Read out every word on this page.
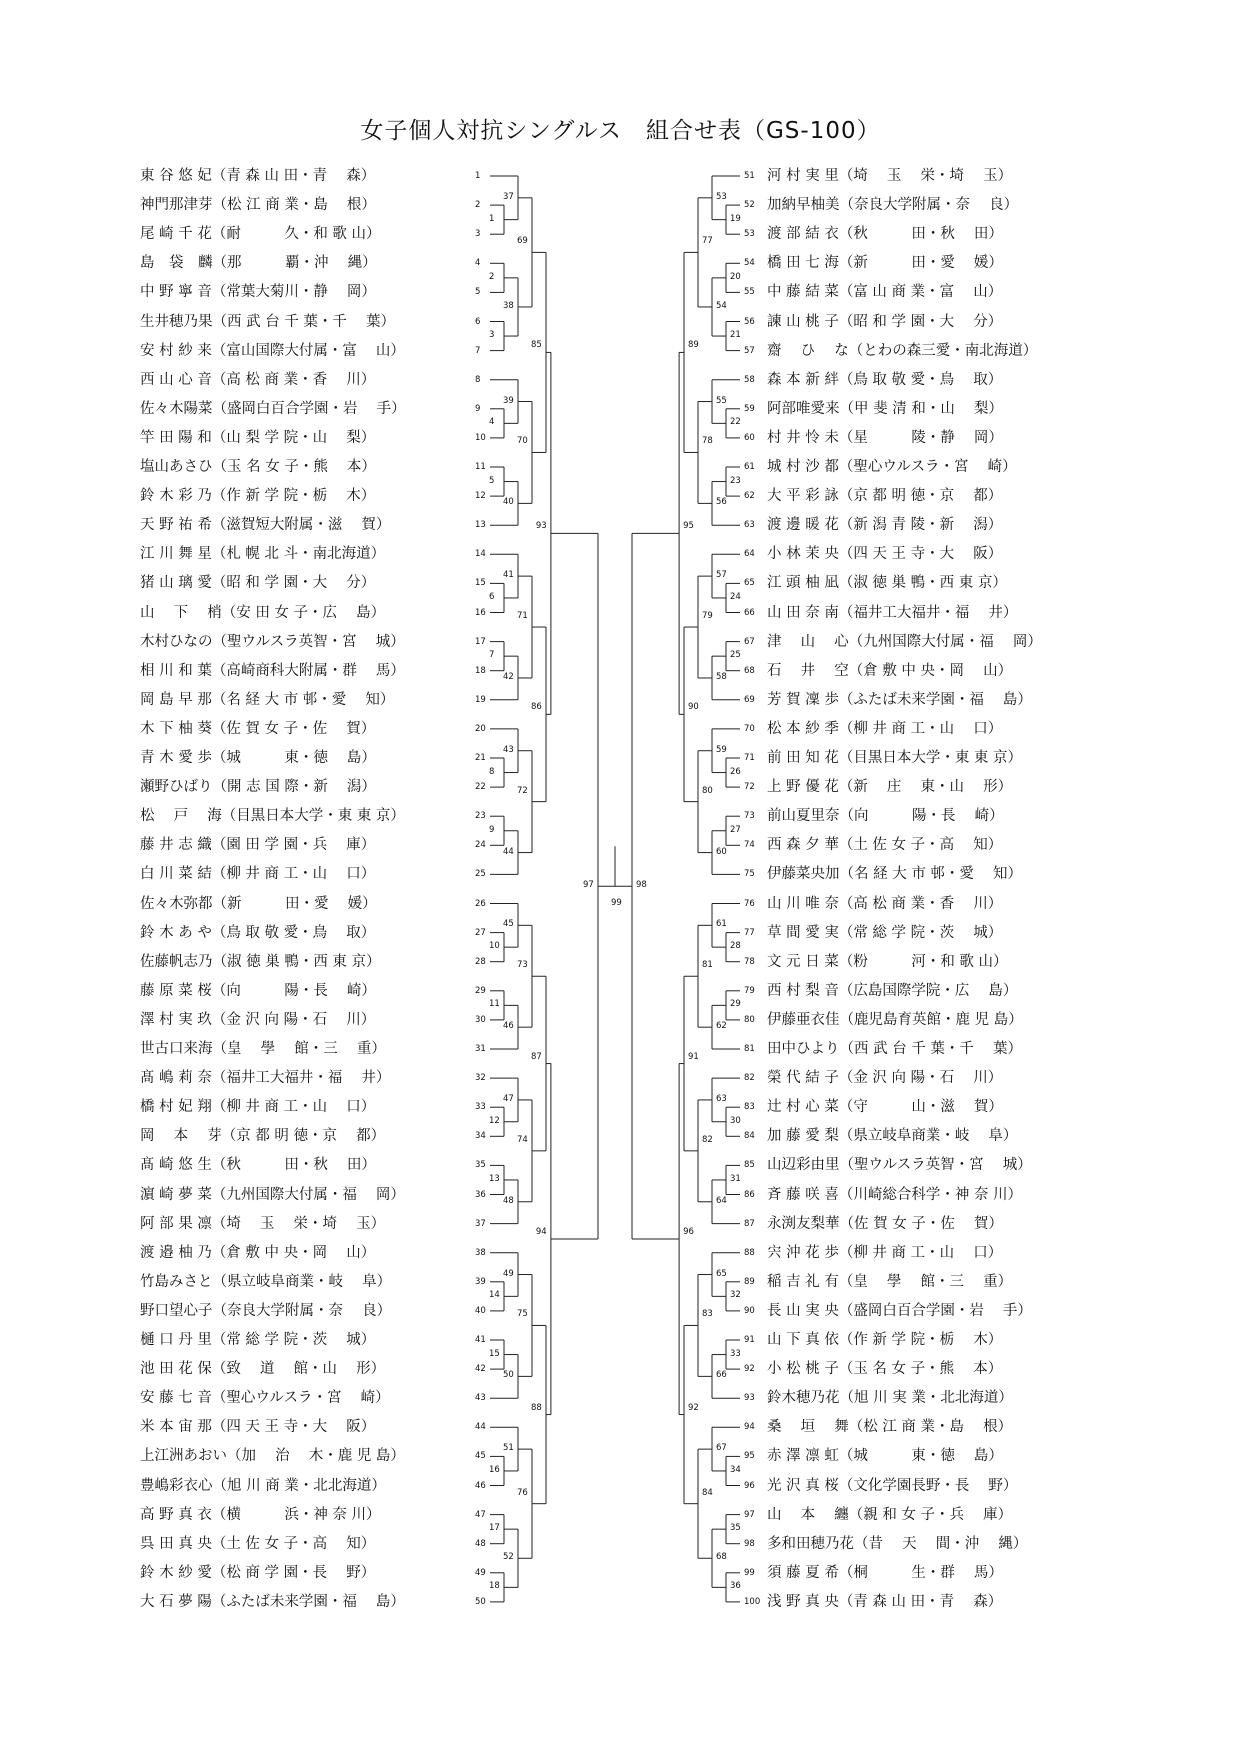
女子個人対抗シングルス　組合せ表（GS-100）
東 谷 悠 妃（青 森 山 田・青　 森）	1
神門那津芽（松 江 商 業・島　 根）	2
尾 崎 千 花（耐　　　久・和 歌 山）	3
島　袋　麟（那　　　覇・沖　 縄）	4
中 野 寧 音（常葉大菊川・静　 岡）	5
生井穂乃果（西 武 台 千 葉・千　 葉）	6
安 村 紗 来（富山国際大付属・富　 山）	7
西 山 心 音（高 松 商 業・香　 川）	8
佐々木陽菜（盛岡白百合学園・岩　 手）	9
竿 田 陽 和（山 梨 学 院・山　 梨）	10
塩山あさひ（玉 名 女 子・熊　 本）	11
鈴 木 彩 乃（作 新 学 院・栃　 木）	12
天 野 祐 希（滋賀短大附属・滋　 賀）	13
江 川 舞 星（札 幌 北 斗・南北海道）	14
猪 山 璃 愛（昭 和 学 園・大　 分）	15
山　 下　 梢（安 田 女 子・広　 島）	16
木村ひなの（聖ウルスラ英智・宮　 城）	17
相 川 和 葉（高崎商科大附属・群　 馬）	18
岡 島 早 那（名 経 大 市 邨・愛　 知）	19
木 下 柚 葵（佐 賀 女 子・佐　 賀）	20
青 木 愛 歩（城　　　東・徳　 島）	21
瀬野ひばり（開 志 国 際・新　 潟）	22
松　 戸　 海（目黒日本大学・東 東 京）	23
藤 井 志 織（園 田 学 園・兵　 庫）	24
白 川 菜 結（柳 井 商 工・山　 口）	25
佐々木弥都（新　　　田・愛　 媛）	26
鈴 木 あ や（鳥 取 敬 愛・鳥　 取）	27
佐藤帆志乃（淑 徳 巣 鴨・西 東 京）	28
藤 原 菜 桜（向　　　陽・長　 崎）	29
澤 村 実 玖（金 沢 向 陽・石　 川）	30
世古口来海（皇　 學　 館・三　 重）	31
髙 嶋 莉 奈（福井工大福井・福　 井）	32
橋 村 妃 翔（柳 井 商 工・山　 口）	33
岡　 本　 芽（京 都 明 徳・京　 都）	34
髙 崎 悠 生（秋　　　田・秋　 田）	35
濵 崎 夢 菜（九州国際大付属・福　 岡）	36
阿 部 果 凛（埼　 玉　 栄・埼　 玉）	37
渡 邉 柚 乃（倉 敷 中 央・岡　 山）	38
竹島みさと（県立岐阜商業・岐　 阜）	39
野口望心子（奈良大学附属・奈　 良）	40
樋 口 丹 里（常 総 学 院・茨　 城）	41
池 田 花 保（致　 道　 館・山　 形）	42
安 藤 七 音（聖心ウルスラ・宮　 崎）	43
米 本 宙 那（四 天 王 寺・大　 阪）	44
上江洲あおい（加　 治　 木・鹿 児 島）	45
豊嶋彩衣心（旭 川 商 業・北北海道）	46
高 野 真 衣（横　　　浜・神 奈 川）	47
呉 田 真 央（土 佐 女 子・高　 知）	48
鈴 木 紗 愛（松 商 学 園・長　 野）	49
大 石 夢 陽（ふたば未来学園・福　 島）	50
51 河 村 実 里（埼　 玉　 栄・埼　 玉）
52 加納早柚美（奈良大学附属・奈　 良）
53 渡 部 結 衣（秋　　　田・秋　 田）
54 橋 田 七 海（新　　　田・愛　 媛）
55 中 藤 結 菜（富 山 商 業・富　 山）
56 諫 山 桃 子（昭 和 学 園・大　 分）
57 齋　 ひ　 な（とわの森三愛・南北海道）
58 森 本 新 絆（鳥 取 敬 愛・鳥　 取）
59 阿部唯愛来（甲 斐 清 和・山　 梨）
60 村 井 怜 未（星　　　陵・静　 岡）
61 城 村 沙 都（聖心ウルスラ・宮　 崎）
62 大 平 彩 詠（京 都 明 徳・京　 都）
63 渡 邊 暖 花（新 潟 青 陵・新　 潟）
64 小 林 茉 央（四 天 王 寺・大　 阪）
65 江 頭 柚 凪（淑 徳 巣 鴨・西 東 京）
66 山 田 奈 南（福井工大福井・福　 井）
67 津　 山　 心（九州国際大付属・福　 岡）
68 石　 井　 空（倉 敷 中 央・岡　 山）
69 芳 賀 凜 歩（ふたば未来学園・福　 島）
70 松 本 紗 季（柳 井 商 工・山　 口）
71 前 田 知 花（目黒日本大学・東 東 京）
72 上 野 優 花（新　 庄　 東・山　 形）
73 前山夏里奈（向　　　陽・長　 崎）
74 西 森 夕 華（土 佐 女 子・高　 知）
75 伊藤菜央加（名 経 大 市 邨・愛　 知）
76 山 川 唯 奈（高 松 商 業・香　 川）
77 草 間 愛 実（常 総 学 院・茨　 城）
78 文 元 日 菜（粉　　　河・和 歌 山）
79 西 村 梨 音（広島国際学院・広　 島）
80 伊藤亜衣佳（鹿児島育英館・鹿 児 島）
81 田中ひより（西 武 台 千 葉・千　 葉）
82 榮 代 結 子（金 沢 向 陽・石　 川）
83 辻 村 心 菜（守　　　山・滋　 賀）
84 加 藤 愛 梨（県立岐阜商業・岐　 阜）
85 山辺彩由里（聖ウルスラ英智・宮　 城）
86 斉 藤 咲 喜（川崎総合科学・神 奈 川）
87 永渕友梨華（佐 賀 女 子・佐　 賀）
88 宍 沖 花 歩（柳 井 商 工・山　 口）
89 稲 吉 礼 有（皇　 學　 館・三　 重）
90 長 山 実 央（盛岡白百合学園・岩　 手）
91 山 下 真 依（作 新 学 院・栃　 木）
92 小 松 桃 子（玉 名 女 子・熊　 本）
93 鈴木穂乃花（旭 川 実 業・北北海道）
94 桑　 垣　 舞（松 江 商 業・島　 根）
95 赤 澤 凛 虹（城　　　東・徳　 島）
96 光 沢 真 桜（文化学園長野・長　 野）
97 山　 本　 纏（親 和 女 子・兵　 庫）
98 多和田穂乃花（昔　 天　 間・沖　 縄）
99 須 藤 夏 希（桐　　　生・群　 馬）
100 浅 野 真 央（青 森 山 田・青　 森）
1
37
2
3
38
69
4
39
5
40
70
6
41
7
42
71
8
43
9
44
72
10
45
11
46
73
12
47
13
48
74
14
49
15
50
75
16
51
17
18
52
76
19
53
20
21
54
77
22
55
23
56
78
24
57
25
58
79
26
59
27
60
80
28
61
29
62
81
30
63
31
64
82
32
65
33
66
83
34
67
35
36
68
84
85
86
87
88
89
90
91
92
93
94
95
96
97	98
99
